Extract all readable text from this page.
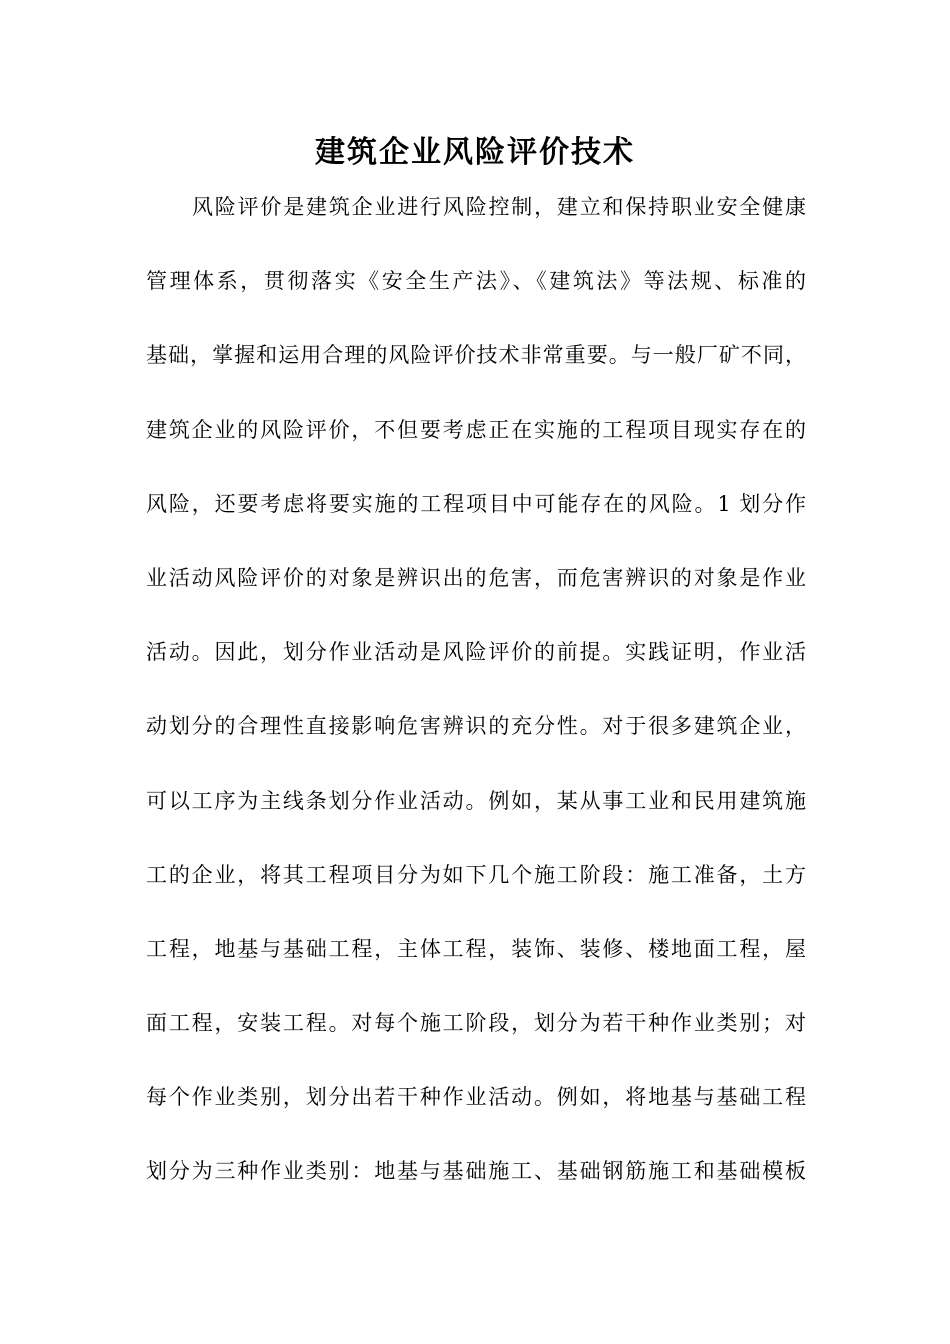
建筑企业风险评价技术
风险评价是建筑企业进行风险控制，建立和保持职业安全健康
管理体系，贯彻落实《安全生产法》、《建筑法》等法规、标准的
基础，掌握和运用合理的风险评价技术非常重要。与一般厂矿不同，
建筑企业的风险评价，不但要考虑正在实施的工程项目现实存在的
风险，还要考虑将要实施的工程项目中可能存在的风险。1 划分作
业活动风险评价的对象是辨识出的危害，而危害辨识的对象是作业
活动。因此，划分作业活动是风险评价的前提。实践证明，作业活
动划分的合理性直接影响危害辨识的充分性。对于很多建筑企业，
可以工序为主线条划分作业活动。例如，某从事工业和民用建筑施
工的企业，将其工程项目分为如下几个施工阶段：施工准备，土方
工程，地基与基础工程，主体工程，装饰、装修、楼地面工程，屋
面工程，安装工程。对每个施工阶段，划分为若干种作业类别；对
每个作业类别，划分出若干种作业活动。例如，将地基与基础工程
划分为三种作业类别：地基与基础施工、基础钢筋施工和基础模板
